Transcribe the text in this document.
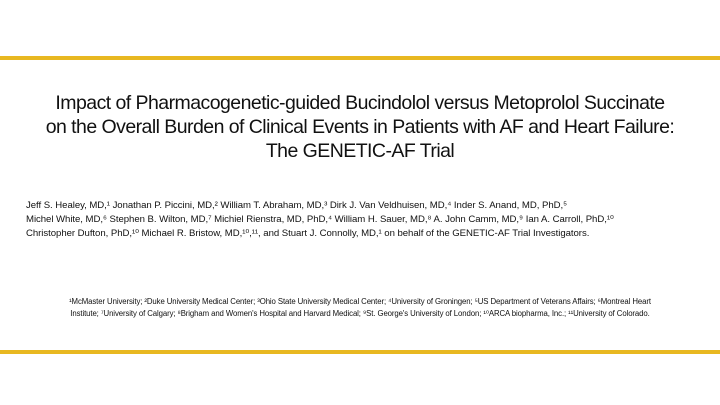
Impact of Pharmacogenetic-guided Bucindolol versus Metoprolol Succinate
on the Overall Burden of Clinical Events in Patients with AF and Heart Failure:
The GENETIC-AF Trial
Jeff S. Healey, MD,¹ Jonathan P. Piccini, MD,² William T. Abraham, MD,³ Dirk J. Van Veldhuisen, MD,⁴ Inder S. Anand, MD, PhD,⁵
Michel White, MD,⁶ Stephen B. Wilton, MD,⁷ Michiel Rienstra, MD, PhD,⁴ William H. Sauer, MD,⁸ A. John Camm, MD,⁹ Ian A. Carroll, PhD,¹⁰
Christopher Dufton, PhD,¹⁰ Michael R. Bristow, MD,¹⁰,¹¹, and Stuart J. Connolly, MD,¹ on behalf of the GENETIC-AF Trial Investigators.
¹McMaster University; ²Duke University Medical Center; ³Ohio State University Medical Center; ⁴University of Groningen; ⁵US Department of Veterans Affairs; ⁶Montreal Heart
Institute; ⁷University of Calgary; ⁸Brigham and Women's Hospital and Harvard Medical; ⁹St. George's University of London; ¹⁰ARCA biopharma, Inc.; ¹¹University of Colorado.
